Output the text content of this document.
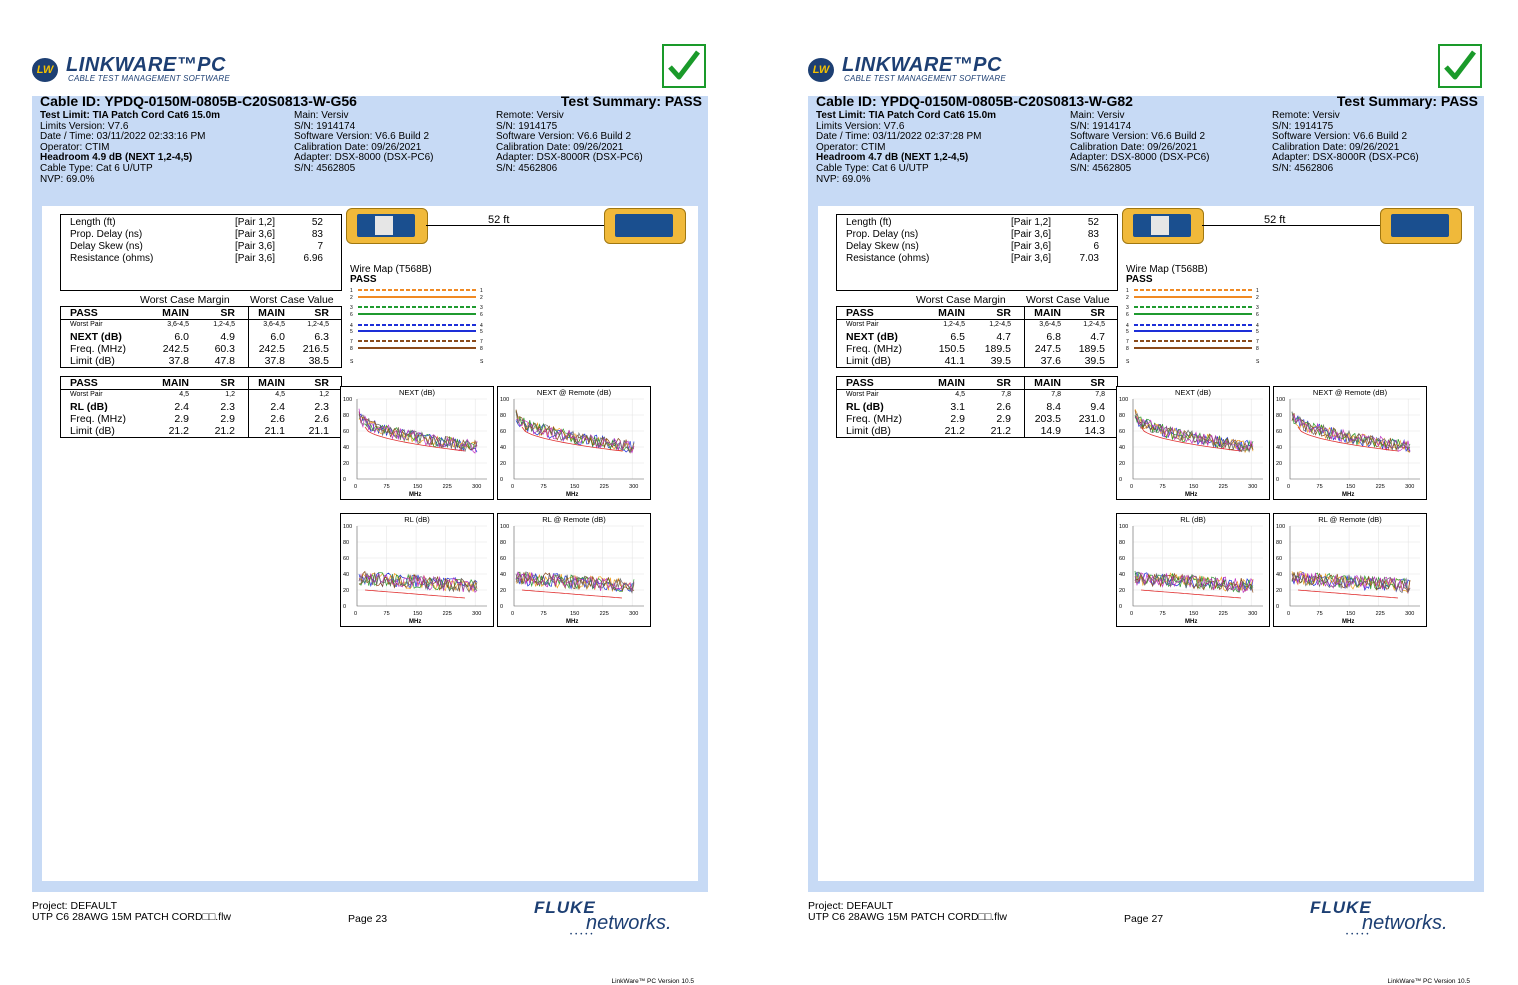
LW LINKWARE™PC
CABLE TEST MANAGEMENT SOFTWARE
Cable ID: YPDQ-0150M-0805B-C20S0813-W-G56	Test Summary: PASS
Test Limit: TIA Patch Cord Cat6 15.0m
Limits Version: V7.6
Date / Time: 03/11/2022 02:33:16 PM
Operator: CTIM
Headroom 4.9 dB (NEXT 1,2-4,5)
Cable Type: Cat 6 U/UTP
NVP: 69.0%
Main: Versiv
S/N: 1914174
Software Version: V6.6 Build 2
Calibration Date: 09/26/2021
Adapter: DSX-8000 (DSX-PC6)
S/N: 4562805
Remote: Versiv
S/N: 1914175
Software Version: V6.6 Build 2
Calibration Date: 09/26/2021
Adapter: DSX-8000R (DSX-PC6)
S/N: 4562806
Length (ft)	[Pair 1,2]	52
Prop. Delay (ns)	[Pair 3,6]	83
Delay Skew (ns)	[Pair 3,6]	7
Resistance (ohms)	[Pair 3,6]	6.96
Worst Case Margin Worst Case Value
PASS	MAIN	SR MAIN	SR
Worst Pair	3,6-4,5	1,2-4,5	3,6-4,5	1,2-4,5
NEXT (dB)	6.0	4.9	6.0	6.3
Freq. (MHz)	242.5 60.3 242.5 216.5
Limit (dB)	37.8 47.8	37.8 38.5
PASS	MAIN	SR MAIN	SR
Worst Pair	4,5	1,2	4,5	1,2
RL (dB)	2.4	2.3	2.4	2.3
Freq. (MHz)	2.9	2.9	2.6	2.6
Limit (dB)	21.2 21.2	21.1 21.1
52 ft
Wire Map (T568B)
PASS
1	1
2	2
3	3
6	6
4	4
5	5
7	7
8	8
S	S
NEXT (dB)
100
80
60
40
20
0
0	75	150	225	300
MHz
NEXT @ Remote (dB)
100
80
60
40
20
0
0	75	150	225	300
MHz
RL (dB)
100
80
60
40
20
0
0	75	150	225	300
MHz
RL @ Remote (dB)
100
80
60
40
20
0
0	75	150	225	300
MHz
LinkWare™ PC Version 10.5
Project: DEFAULT
UTP C6 28AWG 15M PATCH CORD□□.flw	Page 23
FLUKE
networks.
•••••
LW LINKWARE™PC
CABLE TEST MANAGEMENT SOFTWARE
Cable ID: YPDQ-0150M-0805B-C20S0813-W-G82	Test Summary: PASS
Test Limit: TIA Patch Cord Cat6 15.0m
Limits Version: V7.6
Date / Time: 03/11/2022 02:37:28 PM
Operator: CTIM
Headroom 4.7 dB (NEXT 1,2-4,5)
Cable Type: Cat 6 U/UTP
NVP: 69.0%
Main: Versiv
S/N: 1914174
Software Version: V6.6 Build 2
Calibration Date: 09/26/2021
Adapter: DSX-8000 (DSX-PC6)
S/N: 4562805
Remote: Versiv
S/N: 1914175
Software Version: V6.6 Build 2
Calibration Date: 09/26/2021
Adapter: DSX-8000R (DSX-PC6)
S/N: 4562806
Length (ft)	[Pair 1,2]	52
Prop. Delay (ns)	[Pair 3,6]	83
Delay Skew (ns)	[Pair 3,6]	6
Resistance (ohms)	[Pair 3,6]	7.03
Worst Case Margin Worst Case Value
PASS	MAIN	SR MAIN	SR
Worst Pair	1,2-4,5	1,2-4,5	3,6-4,5	1,2-4,5
NEXT (dB)	6.5	4.7	6.8	4.7
Freq. (MHz)	150.5 189.5 247.5 189.5
Limit (dB)	41.1 39.5	37.6 39.5
PASS	MAIN	SR MAIN	SR
Worst Pair	4,5	7,8	7,8	7,8
RL (dB)	3.1	2.6	8.4	9.4
Freq. (MHz)	2.9	2.9 203.5 231.0
Limit (dB)	21.2 21.2	14.9 14.3
52 ft
Wire Map (T568B)
PASS
1	1
2	2
3	3
6	6
4	4
5	5
7	7
8	8
S	S
NEXT (dB)
100
80
60
40
20
0
0	75	150	225	300
MHz
NEXT @ Remote (dB)
100
80
60
40
20
0
0	75	150	225	300
MHz
RL (dB)
100
80
60
40
20
0
0	75	150	225	300
MHz
RL @ Remote (dB)
100
80
60
40
20
0
0	75	150	225	300
MHz
LinkWare™ PC Version 10.5
Project: DEFAULT
UTP C6 28AWG 15M PATCH CORD□□.flw	Page 27
FLUKE
networks.
•••••
